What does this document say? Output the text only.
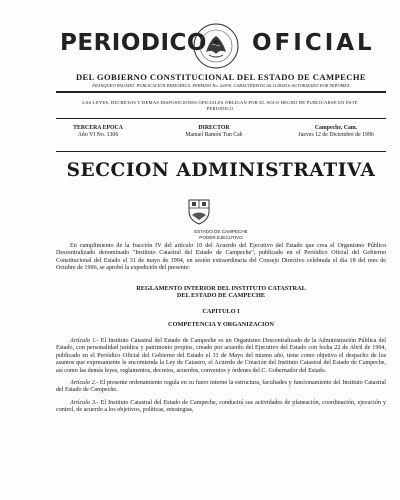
PERIODICO OFICIAL
DEL GOBIERNO CONSTITUCIONAL DEL ESTADO DE CAMPECHE
FRANQUEO PAGADO. PUBLICACION PERIODICA. PERMISO No. 02830. CARACTERISTICAS 11282816 AUTORIZADO POR SEPOMEX
LAS LEYES, DECRETOS Y DEMAS DISPOSICIONES OFICIALES OBLIGAN POR EL SOLO HECHO DE PUBLICARSE EN ESTE PERIODICO
TERCERA EPOCA
Año VI No. 1306
DIRECTOR
Manuel Ramón Tun Cab
Campeche, Cam.
Jueves 12 de Diciembre de 1996
SECCION ADMINISTRATIVA
ESTADO DE CAMPECHE
PODER EJECUTIVO

En cumplimiento de la fracción IV del artículo 10 del Acuerdo del Ejecutivo del Estado que crea el Organismo Público Descentralizado denominado "Instituto Catastral del Estado de Campeche", publicado en el Periódico Oficial del Gobierno Constitucional del Estado el 31 de mayo de 1994, en sesión extraordinaria del Consejo Directivo celebrada el día 18 del mes de Octubre de 1996, se aprobó la expedición del presente:

REGLAMENTO INTERIOR DEL INSTITUTO CATASTRAL
DEL ESTADO DE CAMPECHE

CAPITULO I

COMPETENCIA Y ORGANIZACION

Artículo 1.- El Instituto Catastral del Estado de Campeche es un Organismo Descentralizado de la Administración Pública del Estado, con personalidad jurídica y patrimonio propios, creado por acuerdo del Ejecutivo del Estado con fecha 22 de Abril de 1994, publicado en el Periódico Oficial del Gobierno del Estado el 31 de Mayo del mismo año, tiene como objetivo el despacho de los asuntos que expresamente le encomienda la Ley de Catastro, el Acuerdo de Creación del Instituto Catastral del Estado de Campeche, así como las demás leyes, reglamentos, decretos, acuerdos, convenios y órdenes del C. Gobernador del Estado.

Artículo 2.- El presente ordenamiento regula en su fuero interno la estructura, facultades y funcionamiento del Instituto Catastral del Estado de Campeche.

Artículo 3.- El Instituto Catastral del Estado de Campeche, conducirá sus actividades de planeación, coordinación, ejecución y control, de acuerdo a los objetivos, políticas, estrategias,
